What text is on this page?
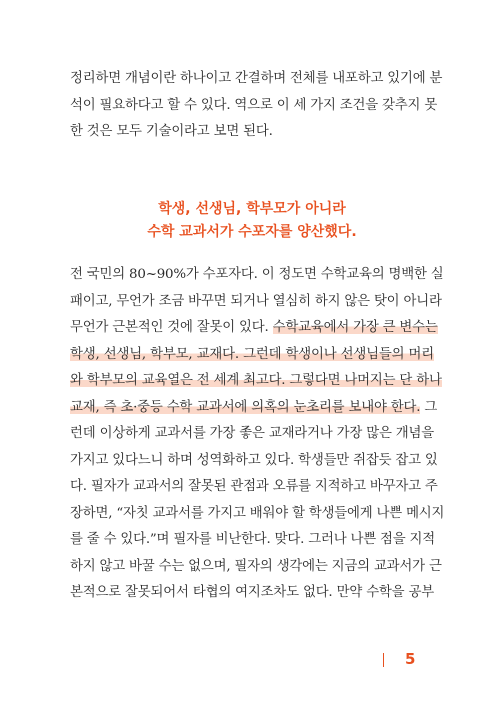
정리하면 개념이란 하나이고 간결하며 전체를 내포하고 있기에 분
석이 필요하다고 할 수 있다. 역으로 이 세 가지 조건을 갖추지 못
한 것은 모두 기술이라고 보면 된다.
학생, 선생님, 학부모가 아니라
수학 교과서가 수포자를 양산했다.
전 국민의 80~90%가 수포자다. 이 정도면 수학교육의 명백한 실
패이고, 무언가 조금 바꾸면 되거나 열심히 하지 않은 탓이 아니라
무언가 근본적인 것에 잘못이 있다. 수학교육에서 가장 큰 변수는
학생, 선생님, 학부모, 교재다. 그런데 학생이나 선생님들의 머리
와 학부모의 교육열은 전 세계 최고다. 그렇다면 나머지는 단 하나
교재, 즉 초·중등 수학 교과서에 의혹의 눈초리를 보내야 한다. 그
런데 이상하게 교과서를 가장 좋은 교재라거나 가장 많은 개념을
가지고 있다느니 하며 성역화하고 있다. 학생들만 쥐잡듯 잡고 있
다. 필자가 교과서의 잘못된 관점과 오류를 지적하고 바꾸자고 주
장하면, “자칫 교과서를 가지고 배워야 할 학생들에게 나쁜 메시지
를 줄 수 있다.”며 필자를 비난한다. 맞다. 그러나 나쁜 점을 지적
하지 않고 바꿀 수는 없으며, 필자의 생각에는 지금의 교과서가 근
본적으로 잘못되어서 타협의 여지조차도 없다. 만약 수학을 공부
5
